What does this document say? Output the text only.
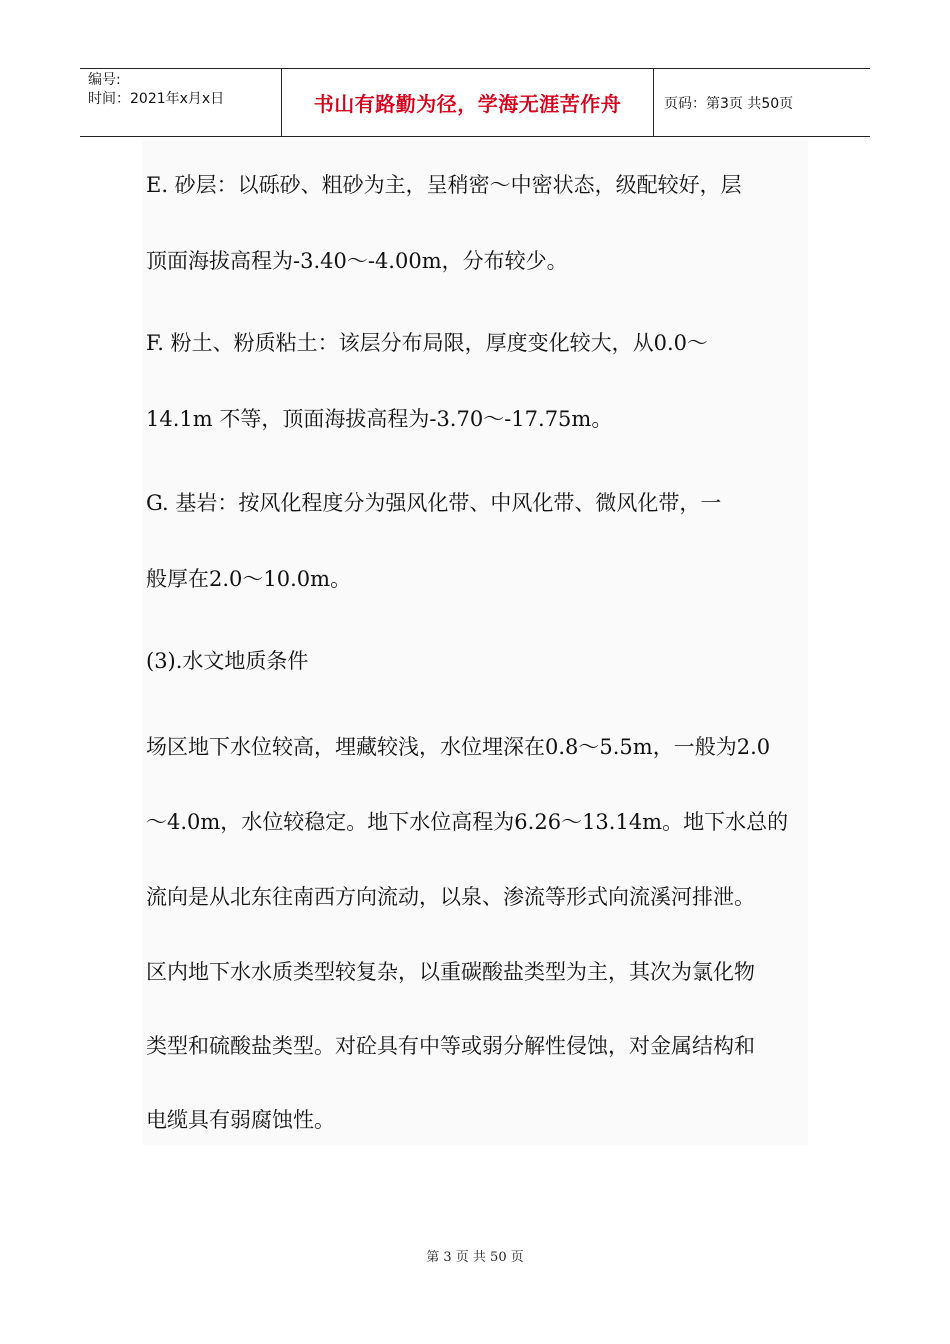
编号:
时间：2021年x月x日	书山有路勤为径，学海无涯苦作舟	页码：第3页 共50页
E. 砂层：以砾砂、粗砂为主，呈稍密～中密状态，级配较好，层
顶面海拔高程为-3.40～-4.00m，分布较少。
F. 粉土、粉质粘土：该层分布局限，厚度变化较大，从0.0～
14.1m 不等，顶面海拔高程为-3.70～-17.75m。
G. 基岩：按风化程度分为强风化带、中风化带、微风化带，一
般厚在2.0～10.0m。
(3).水文地质条件
场区地下水位较高，埋藏较浅，水位埋深在0.8～5.5m，一般为2.0
～4.0m，水位较稳定。地下水位高程为6.26～13.14m。地下水总的
流向是从北东往南西方向流动，以泉、渗流等形式向流溪河排泄。
区内地下水水质类型较复杂，以重碳酸盐类型为主，其次为氯化物
类型和硫酸盐类型。对砼具有中等或弱分解性侵蚀，对金属结构和
电缆具有弱腐蚀性。
第 3 页 共 50 页
